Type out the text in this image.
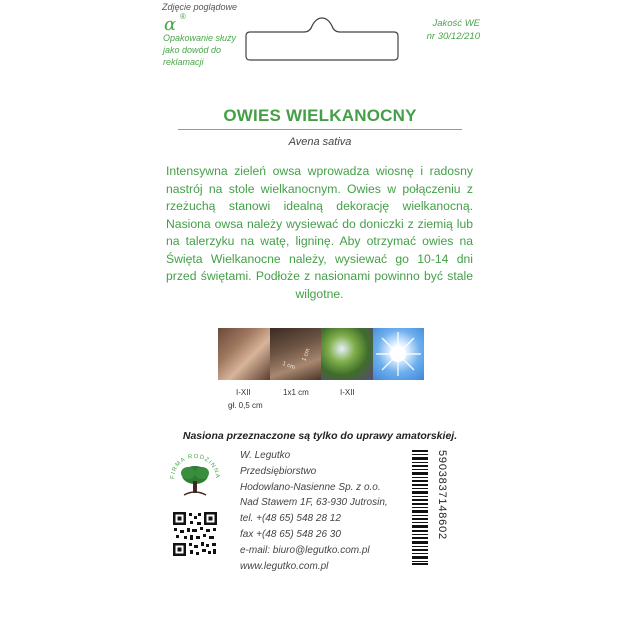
Zdjęcie poglądowe
α ®
Opakowanie służy jako dowód do reklamacji
Jakość WE
nr 30/12/210
OWIES WIELKANOCNY
Avena sativa
Intensywna zieleń owsa wprowadza wiosnę i radosny nastrój na stole wielkanocnym. Owies w połączeniu z rzeżuchą stanowi idealną dekorację wielkanocną. Nasiona owsa należy wysiewać do doniczki z ziemią lub na talerzyku na watę, ligninę. Aby otrzymać owies na Święta Wielkanocne należy, wysiewać go 10-14 dni przed świętami. Podłoże z nasionami powinno być stale wilgotne.
1 cm
1 cm
I-XII
gł. 0,5 cm
1x1 cm	I-XII
Nasiona przeznaczone są tylko do uprawy amatorskiej.
FIRMA RODZINNA
W. Legutko
Przedsiębiorstwo
Hodowlano-Nasienne Sp. z o.o.
Nad Stawem 1F, 63-930 Jutrosin,
tel. +(48 65) 548 28 12
fax +(48 65) 548 26 30
e-mail: biuro@legutko.com.pl
www.legutko.com.pl
5903837148602
